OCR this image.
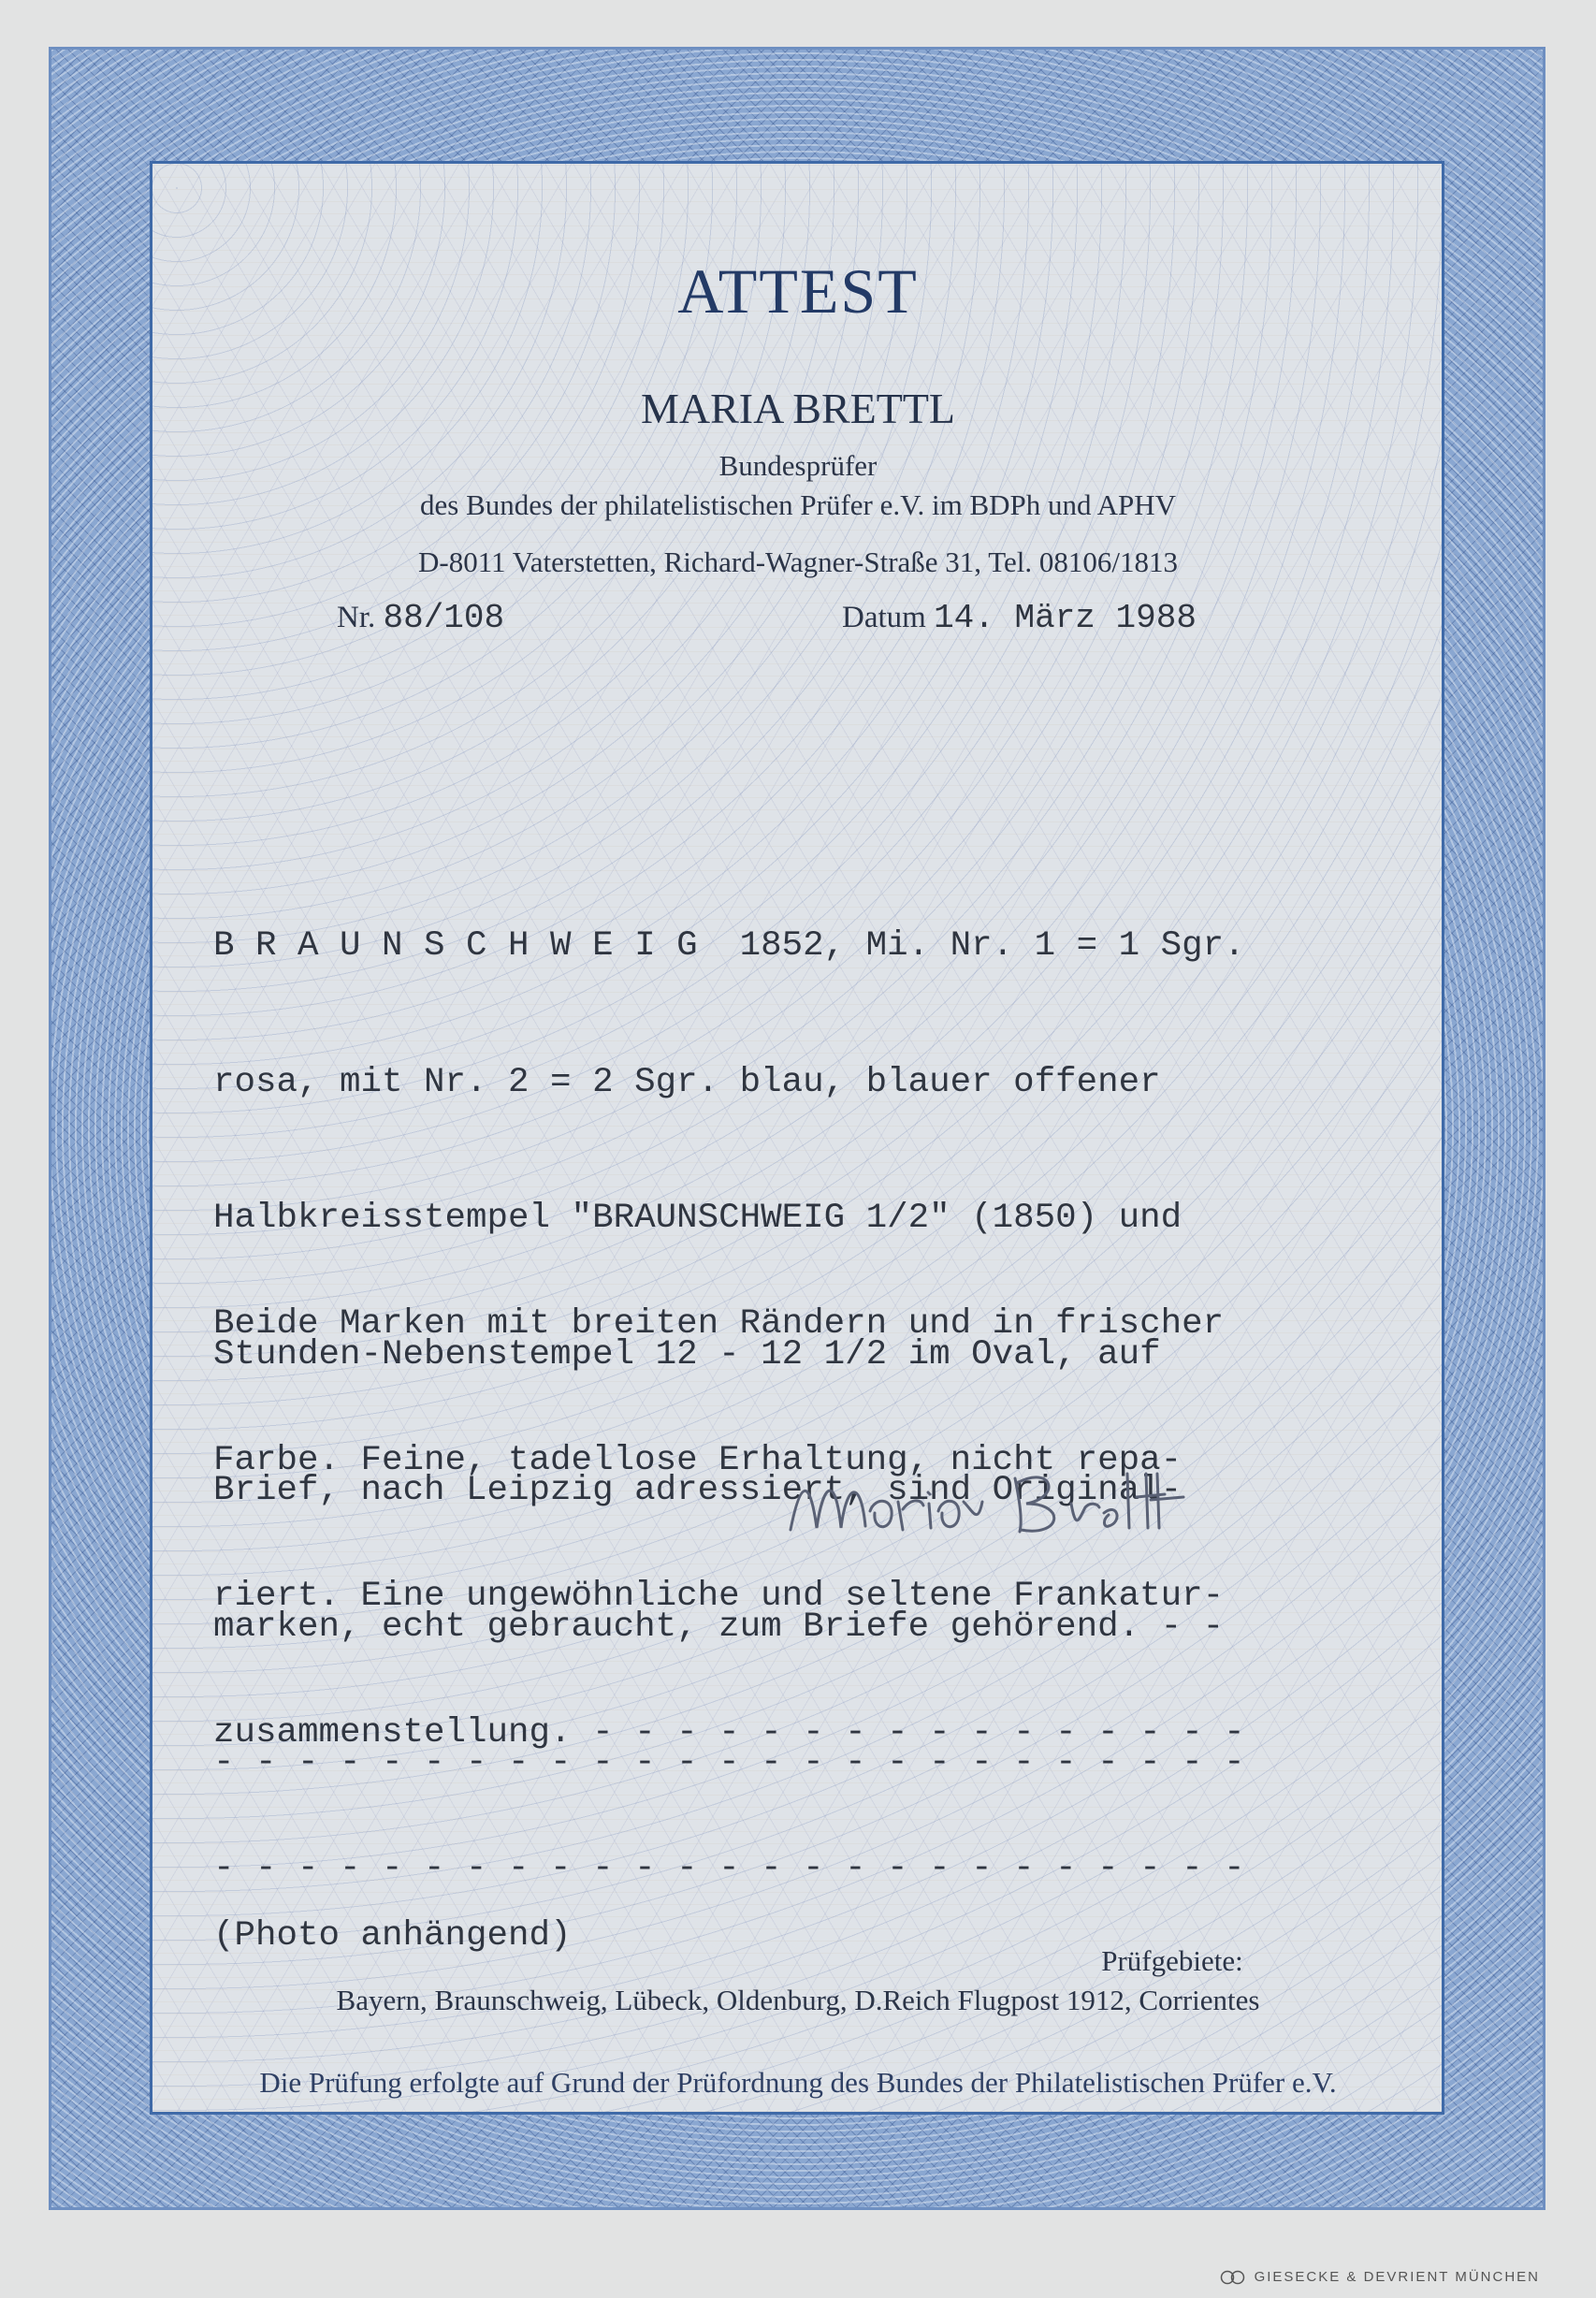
ATTEST
MARIA BRETTL
Bundesprüfer
des Bundes der philatelistischen Prüfer e.V. im BDPh und APHV
D-8011 Vaterstetten, Richard-Wagner-Straße 31, Tel. 08106/1813
Nr. 88/108	Datum 14. März 1988

B R A U N S C H W E I G  1852, Mi. Nr. 1 = 1 Sgr.

rosa, mit Nr. 2 = 2 Sgr. blau, blauer offener

Halbkreisstempel "BRAUNSCHWEIG 1/2" (1850) und

Stunden-Nebenstempel 12 - 12 1/2 im Oval, auf

Brief, nach Leipzig adressiert, sind Original-

marken, echt gebraucht, zum Briefe gehörend. - -

- - - - - - - - - - - - - - - - - - - - - - - - -

Beide Marken mit breiten Rändern und in frischer

Farbe. Feine, tadellose Erhaltung, nicht repa-

riert. Eine ungewöhnliche und seltene Frankatur-

zusammenstellung. - - - - - - - - - - - - - - - -

- - - - - - - - - - - - - - - - - - - - - - - - -

(Photo anhängend)
Prüfgebiete:
Bayern, Braunschweig, Lübeck, Oldenburg, D.Reich Flugpost 1912, Corrientes
Die Prüfung erfolgte auf Grund der Prüfordnung des Bundes der Philatelistischen Prüfer e.V.
GIESECKE & DEVRIENT MÜNCHEN
